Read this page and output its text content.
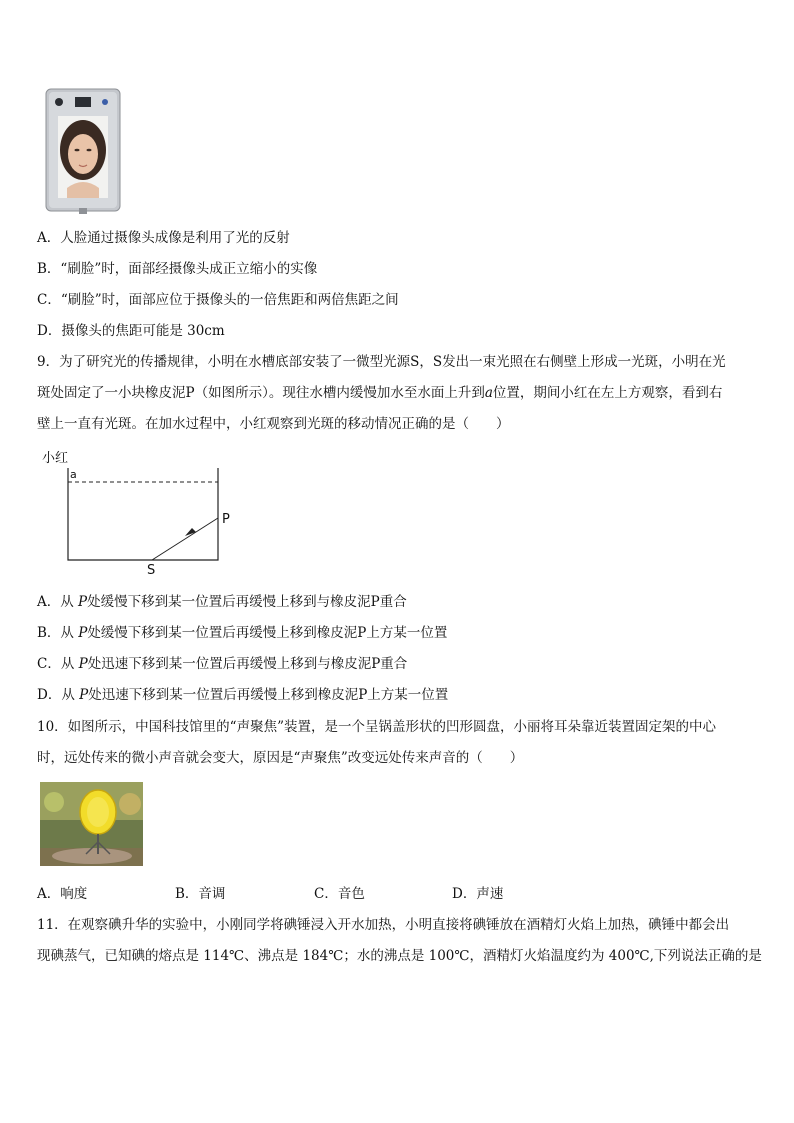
A．人脸通过摄像头成像是利用了光的反射
B．“刷脸”时，面部经摄像头成正立缩小的实像
C．“刷脸”时，面部应位于摄像头的一倍焦距和两倍焦距之间
D．摄像头的焦距可能是 30cm
9．为了研究光的传播规律，小明在水槽底部安装了一微型光源S，S发出一束光照在右侧壁上形成一光斑，小明在光
斑处固定了一小块橡皮泥P（如图所示）。现往水槽内缓慢加水至水面上升到a位置，期间小红在左上方观察，看到右
壁上一直有光斑。在加水过程中，小红观察到光斑的移动情况正确的是（　　）
小红
a
P
S
A．从 P处缓慢下移到某一位置后再缓慢上移到与橡皮泥P重合
B．从 P处缓慢下移到某一位置后再缓慢上移到橡皮泥P上方某一位置
C．从 P处迅速下移到某一位置后再缓慢上移到与橡皮泥P重合
D．从 P处迅速下移到某一位置后再缓慢上移到橡皮泥P上方某一位置
10．如图所示，中国科技馆里的“声聚焦”装置，是一个呈锅盖形状的凹形圆盘，小丽将耳朵靠近装置固定架的中心
时，远处传来的微小声音就会变大，原因是“声聚焦”改变远处传来声音的（　　）
A．响度	B．音调	C．音色	D．声速
11．在观察碘升华的实验中，小刚同学将碘锤浸入开水加热，小明直接将碘锤放在酒精灯火焰上加热，碘锤中都会出
现碘蒸气，已知碘的熔点是 114℃、沸点是 184℃；水的沸点是 100℃，酒精灯火焰温度约为 400℃,下列说法正确的是
